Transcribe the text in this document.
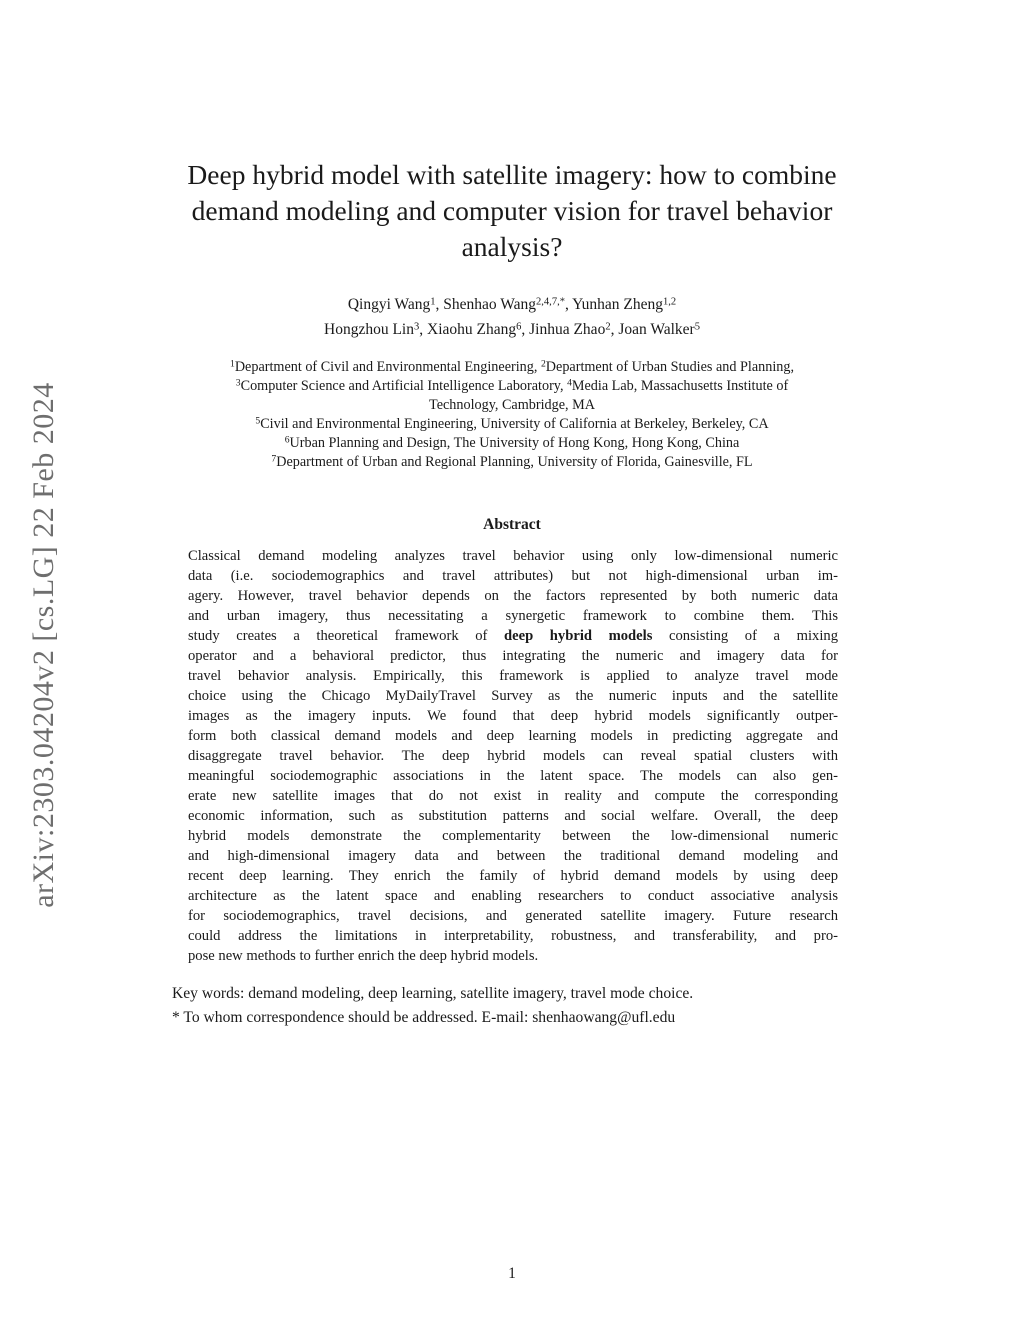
arXiv:2303.04204v2 [cs.LG] 22 Feb 2024
Deep hybrid model with satellite imagery: how to combine
demand modeling and computer vision for travel behavior
analysis?
Qingyi Wang$^1$, Shenhao Wang$^{2,4,7,*}$, Yunhan Zheng$^{1,2}$
Hongzhou Lin$^3$, Xiaohu Zhang$^6$, Jinhua Zhao$^2$, Joan Walker$^5$
$^1$Department of Civil and Environmental Engineering, $^2$Department of Urban Studies and Planning,
$^3$Computer Science and Artificial Intelligence Laboratory, $^4$Media Lab, Massachusetts Institute of
Technology, Cambridge, MA
$^5$Civil and Environmental Engineering, University of California at Berkeley, Berkeley, CA
$^6$Urban Planning and Design, The University of Hong Kong, Hong Kong, China
$^7$Department of Urban and Regional Planning, University of Florida, Gainesville, FL
Abstract
Classical demand modeling analyzes travel behavior using only low-dimensional numeric
data (i.e. sociodemographics and travel attributes) but not high-dimensional urban im-
agery. However, travel behavior depends on the factors represented by both numeric data
and urban imagery, thus necessitating a synergetic framework to combine them. This
study creates a theoretical framework of deep hybrid models consisting of a mixing
operator and a behavioral predictor, thus integrating the numeric and imagery data for
travel behavior analysis. Empirically, this framework is applied to analyze travel mode
choice using the Chicago MyDailyTravel Survey as the numeric inputs and the satellite
images as the imagery inputs. We found that deep hybrid models significantly outper-
form both classical demand models and deep learning models in predicting aggregate and
disaggregate travel behavior. The deep hybrid models can reveal spatial clusters with
meaningful sociodemographic associations in the latent space. The models can also gen-
erate new satellite images that do not exist in reality and compute the corresponding
economic information, such as substitution patterns and social welfare. Overall, the deep
hybrid models demonstrate the complementarity between the low-dimensional numeric
and high-dimensional imagery data and between the traditional demand modeling and
recent deep learning. They enrich the family of hybrid demand models by using deep
architecture as the latent space and enabling researchers to conduct associative analysis
for sociodemographics, travel decisions, and generated satellite imagery. Future research
could address the limitations in interpretability, robustness, and transferability, and pro-
pose new methods to further enrich the deep hybrid models.
Key words: demand modeling, deep learning, satellite imagery, travel mode choice.
* To whom correspondence should be addressed. E-mail: shenhaowang@ufl.edu
1
